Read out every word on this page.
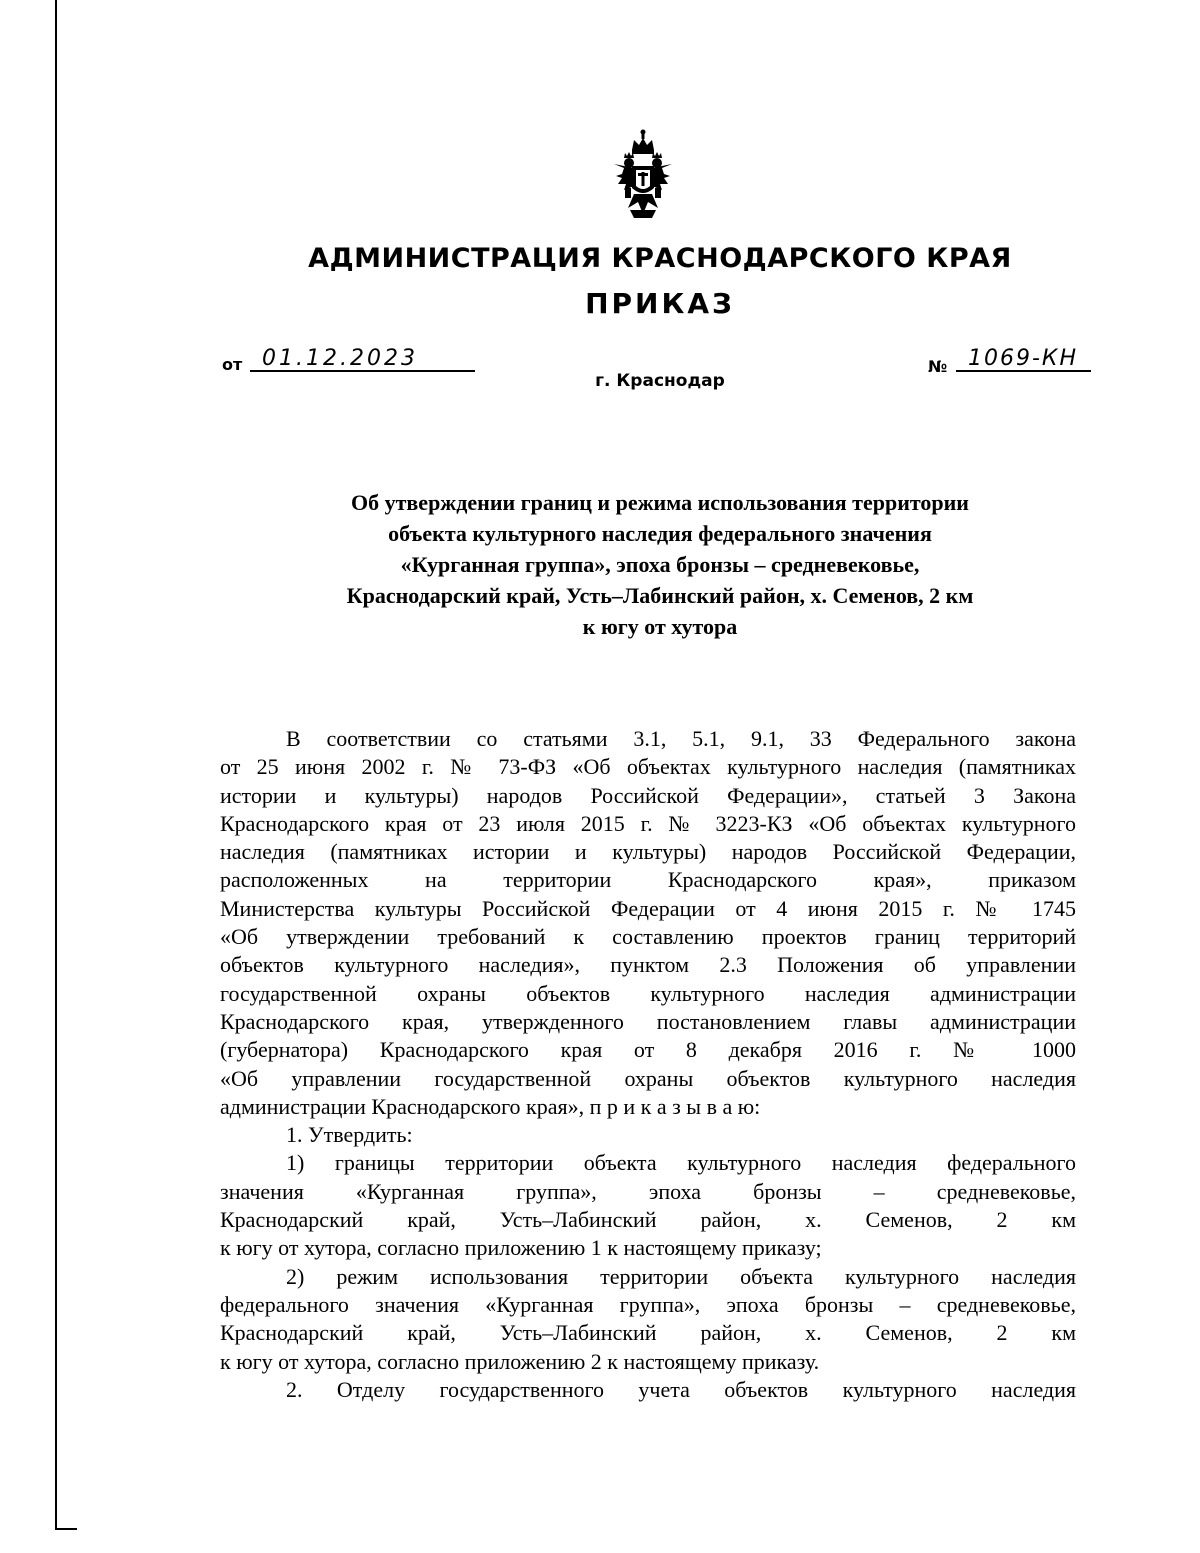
АДМИНИСТРАЦИЯ КРАСНОДАРСКОГО КРАЯ
ПРИКАЗ
от 01.12.2023
г. Краснодар
№ 1069-КН
Об утверждении границ и режима использования территории
объекта культурного наследия федерального значения
«Курганная группа», эпоха бронзы – средневековье,
Краснодарский край, Усть–Лабинский район, х. Семенов, 2 км
к югу от хутора

В соответствии со статьями 3.1, 5.1, 9.1, 33 Федерального закона

от 25 июня 2002 г. № 73-ФЗ «Об объектах культурного наследия (памятниках

истории и культуры) народов Российской Федерации», статьей 3 Закона

Краснодарского края от 23 июля 2015 г. № 3223-КЗ «Об объектах культурного

наследия (памятниках истории и культуры) народов Российской Федерации,

расположенных на территории Краснодарского края», приказом

Министерства культуры Российской Федерации от 4 июня 2015 г. № 1745

«Об утверждении требований к составлению проектов границ территорий

объектов культурного наследия», пунктом 2.3 Положения об управлении

государственной охраны объектов культурного наследия администрации

Краснодарского края, утвержденного постановлением главы администрации

(губернатора) Краснодарского края от 8 декабря 2016 г. № 1000

«Об управлении государственной охраны объектов культурного наследия

администрации Краснодарского края», п р и к а з ы в а ю:

1. Утвердить:

1) границы территории объекта культурного наследия федерального

значения «Курганная группа», эпоха бронзы – средневековье,

Краснодарский край, Усть–Лабинский район, х. Семенов, 2 км

к югу от хутора, согласно приложению 1 к настоящему приказу;

2) режим использования территории объекта культурного наследия

федерального значения «Курганная группа», эпоха бронзы – средневековье,

Краснодарский край, Усть–Лабинский район, х. Семенов, 2 км

к югу от хутора, согласно приложению 2 к настоящему приказу.

2. Отделу государственного учета объектов культурного наследия
